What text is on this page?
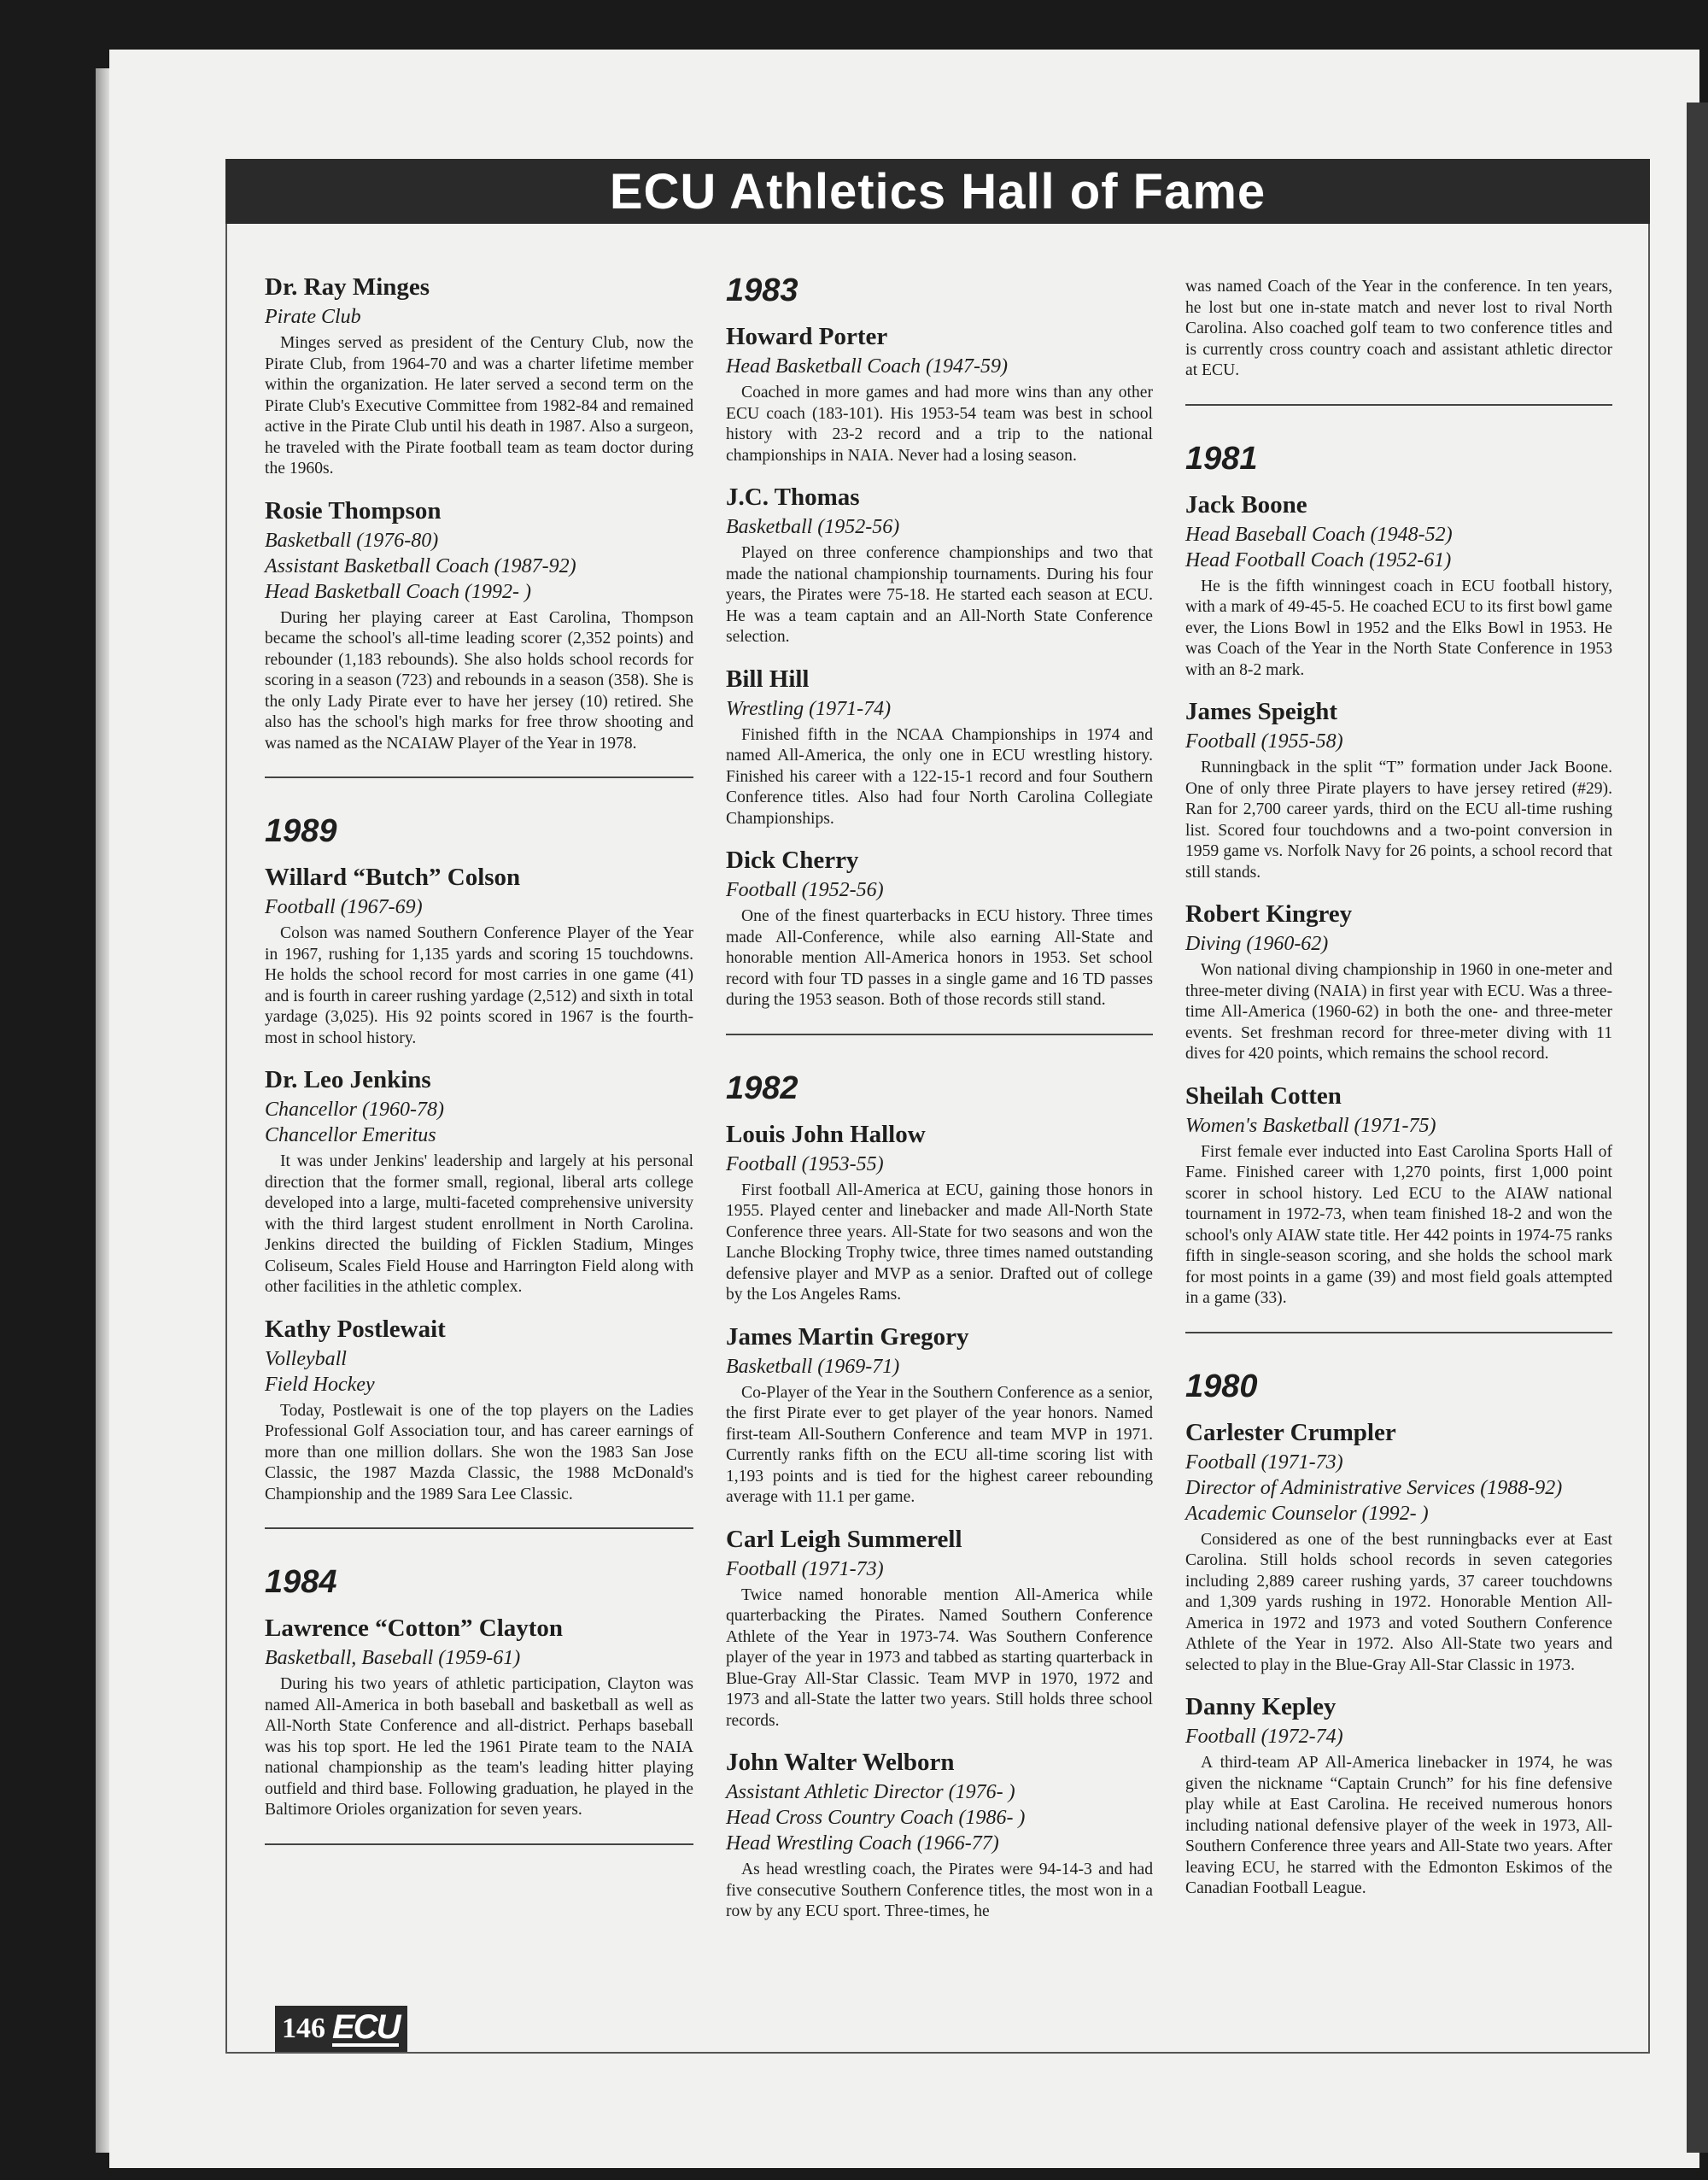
ECU Athletics Hall of Fame
Dr. Ray Minges
Pirate Club

Minges served as president of the Century Club, now the Pirate Club, from 1964-70 and was a charter lifetime member within the organization. He later served a second term on the Pirate Club's Executive Committee from 1982-84 and remained active in the Pirate Club until his death in 1987. Also a surgeon, he traveled with the Pirate football team as team doctor during the 1960s.

Rosie Thompson
Basketball (1976-80)
Assistant Basketball Coach (1987-92)
Head Basketball Coach (1992- )

During her playing career at East Carolina, Thompson became the school's all-time leading scorer (2,352 points) and rebounder (1,183 rebounds). She also holds school records for scoring in a season (723) and rebounds in a season (358). She is the only Lady Pirate ever to have her jersey (10) retired. She also has the school's high marks for free throw shooting and was named as the NCAIAW Player of the Year in 1978.

1989
Willard “Butch” Colson
Football (1967-69)

Colson was named Southern Conference Player of the Year in 1967, rushing for 1,135 yards and scoring 15 touchdowns. He holds the school record for most carries in one game (41) and is fourth in career rushing yardage (2,512) and sixth in total yardage (3,025). His 92 points scored in 1967 is the fourth-most in school history.

Dr. Leo Jenkins
Chancellor (1960-78)
Chancellor Emeritus

It was under Jenkins' leadership and largely at his personal direction that the former small, regional, liberal arts college developed into a large, multi-faceted comprehensive university with the third largest student enrollment in North Carolina. Jenkins directed the building of Ficklen Stadium, Minges Coliseum, Scales Field House and Harrington Field along with other facilities in the athletic complex.

Kathy Postlewait
Volleyball
Field Hockey

Today, Postlewait is one of the top players on the Ladies Professional Golf Association tour, and has career earnings of more than one million dollars. She won the 1983 San Jose Classic, the 1987 Mazda Classic, the 1988 McDonald's Championship and the 1989 Sara Lee Classic.

1984
Lawrence “Cotton” Clayton
Basketball, Baseball (1959-61)

During his two years of athletic participation, Clayton was named All-America in both baseball and basketball as well as All-North State Conference and all-district. Perhaps baseball was his top sport. He led the 1961 Pirate team to the NAIA national championship as the team's leading hitter playing outfield and third base. Following graduation, he played in the Baltimore Orioles organization for seven years.

1983
Howard Porter
Head Basketball Coach (1947-59)

Coached in more games and had more wins than any other ECU coach (183-101). His 1953-54 team was best in school history with 23-2 record and a trip to the national championships in NAIA. Never had a losing season.

J.C. Thomas
Basketball (1952-56)

Played on three conference championships and two that made the national championship tournaments. During his four years, the Pirates were 75-18. He started each season at ECU. He was a team captain and an All-North State Conference selection.

Bill Hill
Wrestling (1971-74)

Finished fifth in the NCAA Championships in 1974 and named All-America, the only one in ECU wrestling history. Finished his career with a 122-15-1 record and four Southern Conference titles. Also had four North Carolina Collegiate Championships.

Dick Cherry
Football (1952-56)

One of the finest quarterbacks in ECU history. Three times made All-Conference, while also earning All-State and honorable mention All-America honors in 1953. Set school record with four TD passes in a single game and 16 TD passes during the 1953 season. Both of those records still stand.

1982
Louis John Hallow
Football (1953-55)

First football All-America at ECU, gaining those honors in 1955. Played center and linebacker and made All-North State Conference three years. All-State for two seasons and won the Lanche Blocking Trophy twice, three times named outstanding defensive player and MVP as a senior. Drafted out of college by the Los Angeles Rams.

James Martin Gregory
Basketball (1969-71)

Co-Player of the Year in the Southern Conference as a senior, the first Pirate ever to get player of the year honors. Named first-team All-Southern Conference and team MVP in 1971. Currently ranks fifth on the ECU all-time scoring list with 1,193 points and is tied for the highest career rebounding average with 11.1 per game.

Carl Leigh Summerell
Football (1971-73)

Twice named honorable mention All-America while quarterbacking the Pirates. Named Southern Conference Athlete of the Year in 1973-74. Was Southern Conference player of the year in 1973 and tabbed as starting quarterback in Blue-Gray All-Star Classic. Team MVP in 1970, 1972 and 1973 and all-State the latter two years. Still holds three school records.

John Walter Welborn
Assistant Athletic Director (1976- )
Head Cross Country Coach (1986- )
Head Wrestling Coach (1966-77)

As head wrestling coach, the Pirates were 94-14-3 and had five consecutive Southern Conference titles, the most won in a row by any ECU sport. Three-times, he

was named Coach of the Year in the conference. In ten years, he lost but one in-state match and never lost to rival North Carolina. Also coached golf team to two conference titles and is currently cross country coach and assistant athletic director at ECU.

1981
Jack Boone
Head Baseball Coach (1948-52)
Head Football Coach (1952-61)

He is the fifth winningest coach in ECU football history, with a mark of 49-45-5. He coached ECU to its first bowl game ever, the Lions Bowl in 1952 and the Elks Bowl in 1953. He was Coach of the Year in the North State Conference in 1953 with an 8-2 mark.

James Speight
Football (1955-58)

Runningback in the split “T” formation under Jack Boone. One of only three Pirate players to have jersey retired (#29). Ran for 2,700 career yards, third on the ECU all-time rushing list. Scored four touchdowns and a two-point conversion in 1959 game vs. Norfolk Navy for 26 points, a school record that still stands.

Robert Kingrey
Diving (1960-62)

Won national diving championship in 1960 in one-meter and three-meter diving (NAIA) in first year with ECU. Was a three-time All-America (1960-62) in both the one- and three-meter events. Set freshman record for three-meter diving with 11 dives for 420 points, which remains the school record.

Sheilah Cotten
Women's Basketball (1971-75)

First female ever inducted into East Carolina Sports Hall of Fame. Finished career with 1,270 points, first 1,000 point scorer in school history. Led ECU to the AIAW national tournament in 1972-73, when team finished 18-2 and won the school's only AIAW state title. Her 442 points in 1974-75 ranks fifth in single-season scoring, and she holds the school mark for most points in a game (39) and most field goals attempted in a game (33).

1980
Carlester Crumpler
Football (1971-73)
Director of Administrative Services (1988-92)
Academic Counselor (1992- )

Considered as one of the best runningbacks ever at East Carolina. Still holds school records in seven categories including 2,889 career rushing yards, 37 career touchdowns and 1,309 yards rushing in 1972. Honorable Mention All-America in 1972 and 1973 and voted Southern Conference Athlete of the Year in 1972. Also All-State two years and selected to play in the Blue-Gray All-Star Classic in 1973.

Danny Kepley
Football (1972-74)

A third-team AP All-America linebacker in 1974, he was given the nickname “Captain Crunch” for his fine defensive play while at East Carolina. He received numerous honors including national defensive player of the week in 1973, All-Southern Conference three years and All-State two years. After leaving ECU, he starred with the Edmonton Eskimos of the Canadian Football League.

146 ECU
